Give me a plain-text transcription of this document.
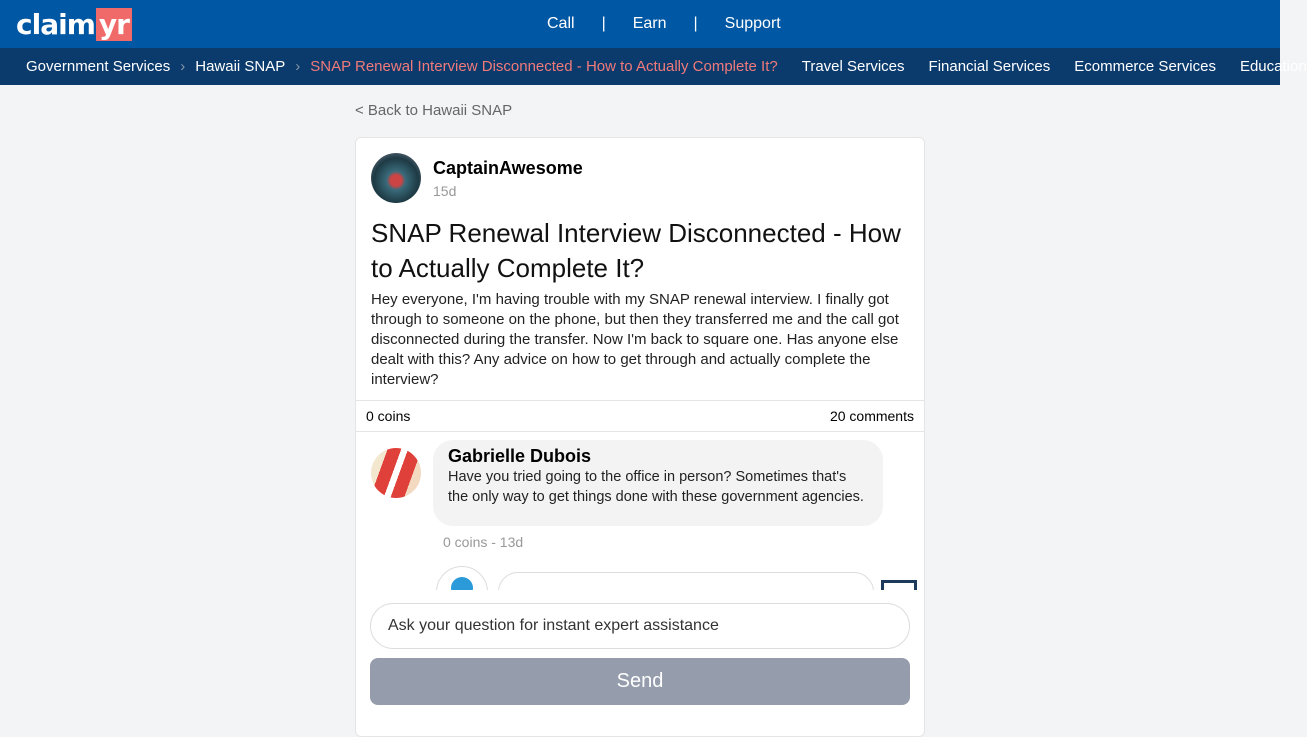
claim yr	Call	|	Earn	|	Support
Government Services › Hawaii SNAP › SNAP Renewal Interview Disconnected - How to Actually Complete It? Travel Services Financial Services Ecommerce Services Education
< Back to Hawaii SNAP
CaptainAwesome
15d
SNAP Renewal Interview Disconnected - How to Actually Complete It?
Hey everyone, I'm having trouble with my SNAP renewal interview. I finally got through to someone on the phone, but then they transferred me and the call got disconnected during the transfer. Now I'm back to square one. Has anyone else dealt with this? Any advice on how to get through and actually complete the interview?
0 coins	20 comments
Gabrielle Dubois
Have you tried going to the office in person? Sometimes that's the only way to get things done with these government agencies.
0 coins - 13d
Ask your question for instant expert assistance
Send
